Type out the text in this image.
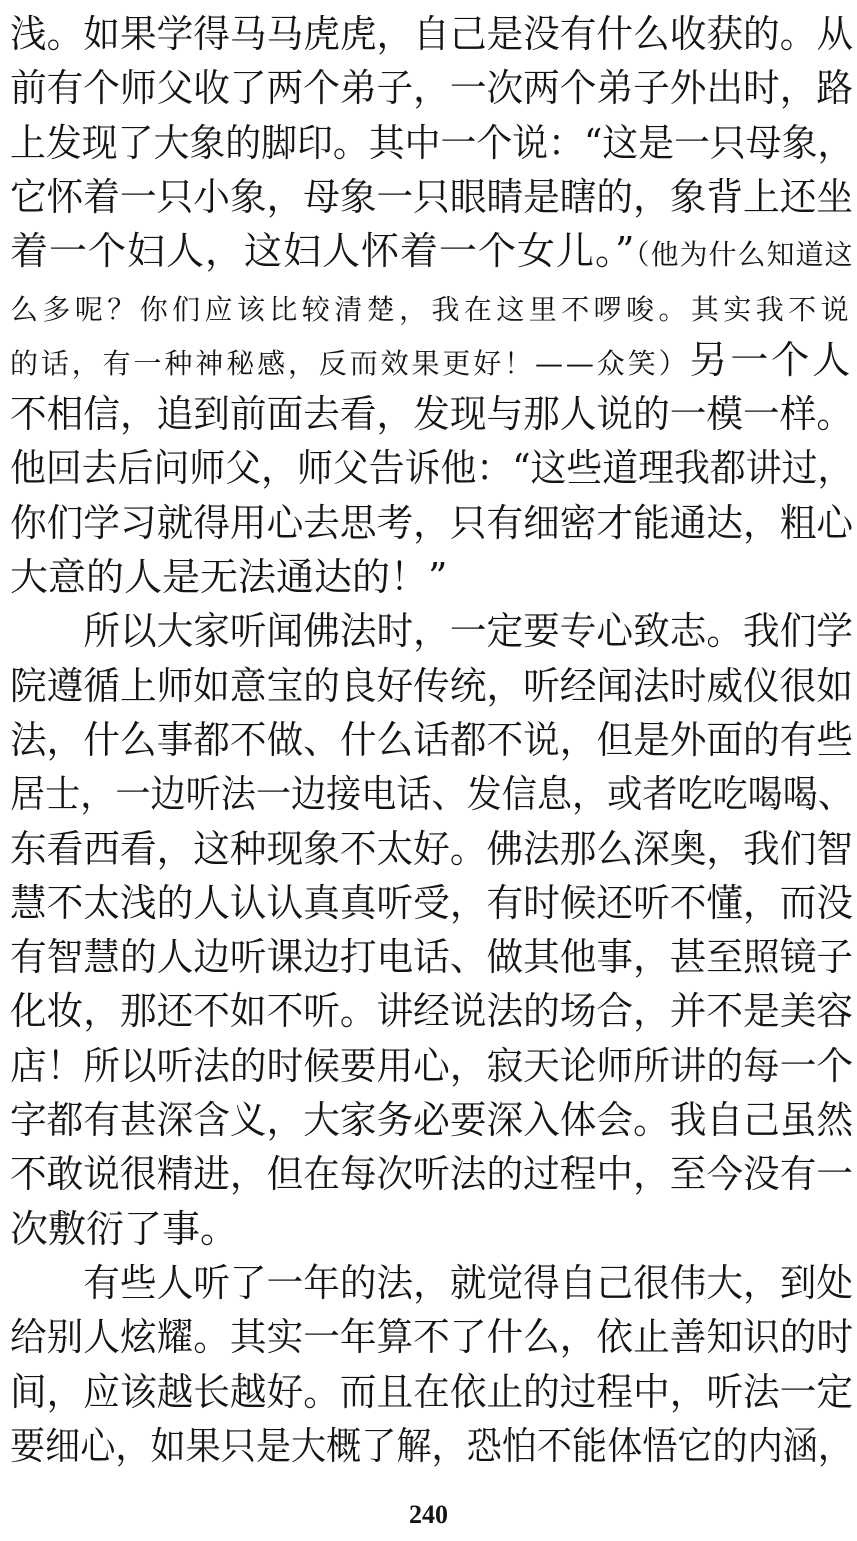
浅。如果学得马马虎虎，自己是没有什么收获的。从
前有个师父收了两个弟子，一次两个弟子外出时，路
上发现了大象的脚印。其中一个说：“这是一只母象，
它怀着一只小象，母象一只眼睛是瞎的，象背上还坐
着一个妇人，这妇人怀着一个女儿。”（他为什么知道这
么多呢？你们应该比较清楚，我在这里不啰唆。其实我不说
的话，有一种神秘感，反而效果更好！——众笑）另一个人
不相信，追到前面去看，发现与那人说的一模一样。
他回去后问师父，师父告诉他：“这些道理我都讲过，
你们学习就得用心去思考，只有细密才能通达，粗心
大意的人是无法通达的！”
　　所以大家听闻佛法时，一定要专心致志。我们学
院遵循上师如意宝的良好传统，听经闻法时威仪很如
法，什么事都不做、什么话都不说，但是外面的有些
居士，一边听法一边接电话、发信息，或者吃吃喝喝、
东看西看，这种现象不太好。佛法那么深奥，我们智
慧不太浅的人认认真真听受，有时候还听不懂，而没
有智慧的人边听课边打电话、做其他事，甚至照镜子
化妆，那还不如不听。讲经说法的场合，并不是美容
店！所以听法的时候要用心，寂天论师所讲的每一个
字都有甚深含义，大家务必要深入体会。我自己虽然
不敢说很精进，但在每次听法的过程中，至今没有一
次敷衍了事。
　　有些人听了一年的法，就觉得自己很伟大，到处
给别人炫耀。其实一年算不了什么，依止善知识的时
间，应该越长越好。而且在依止的过程中，听法一定
要细心，如果只是大概了解，恐怕不能体悟它的内涵，
240
